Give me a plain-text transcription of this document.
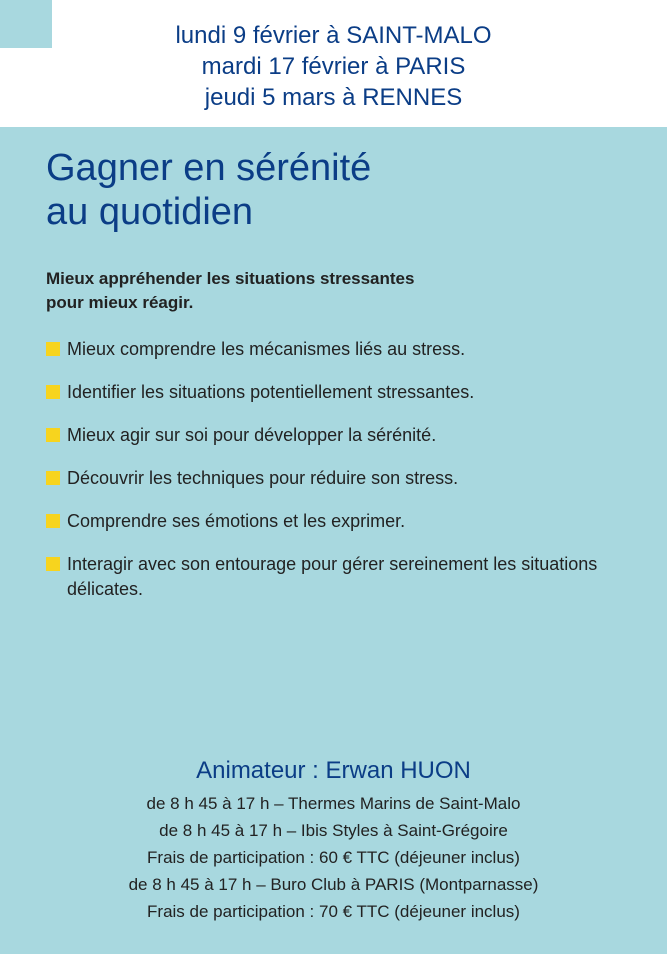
lundi 9 février à SAINT-MALO
mardi 17 février à PARIS
jeudi 5 mars à RENNES
Gagner en sérénité
au quotidien
Mieux appréhender les situations stressantes
pour mieux réagir.
Mieux comprendre les mécanismes liés au stress.
Identifier les situations potentiellement stressantes.
Mieux agir sur soi pour développer la sérénité.
Découvrir les techniques pour réduire son stress.
Comprendre ses émotions et les exprimer.
Interagir avec son entourage pour gérer sereinement les situations délicates.
Animateur : Erwan HUON
de 8 h 45 à 17 h – Thermes Marins de Saint-Malo
de 8 h 45 à 17 h – Ibis Styles à Saint-Grégoire
Frais de participation : 60 € TTC (déjeuner inclus)
de 8 h 45 à 17 h – Buro Club à PARIS (Montparnasse)
Frais de participation : 70 € TTC (déjeuner inclus)
